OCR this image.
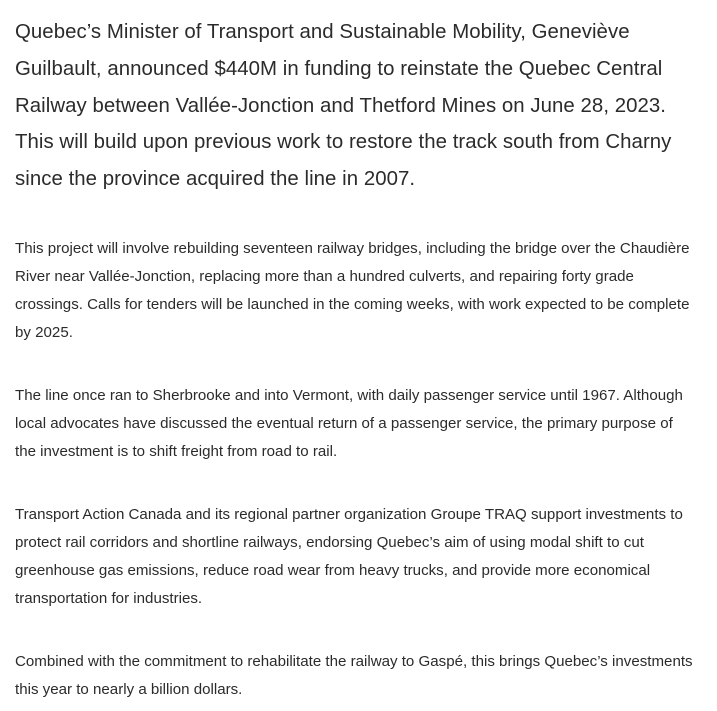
Quebec’s Minister of Transport and Sustainable Mobility, Geneviève Guilbault, announced $440M in funding to reinstate the Quebec Central Railway between Vallée-Jonction and Thetford Mines on June 28, 2023. This will build upon previous work to restore the track south from Charny since the province acquired the line in 2007.

This project will involve rebuilding seventeen railway bridges, including the bridge over the Chaudière River near Vallée-Jonction, replacing more than a hundred culverts, and repairing forty grade crossings. Calls for tenders will be launched in the coming weeks, with work expected to be complete by 2025.

The line once ran to Sherbrooke and into Vermont, with daily passenger service until 1967. Although local advocates have discussed the eventual return of a passenger service, the primary purpose of the investment is to shift freight from road to rail.

Transport Action Canada and its regional partner organization Groupe TRAQ support investments to protect rail corridors and shortline railways, endorsing Quebec’s aim of using modal shift to cut greenhouse gas emissions, reduce road wear from heavy trucks, and provide more economical transportation for industries.

Combined with the commitment to rehabilitate the railway to Gaspé, this brings Quebec’s investments this year to nearly a billion dollars.
